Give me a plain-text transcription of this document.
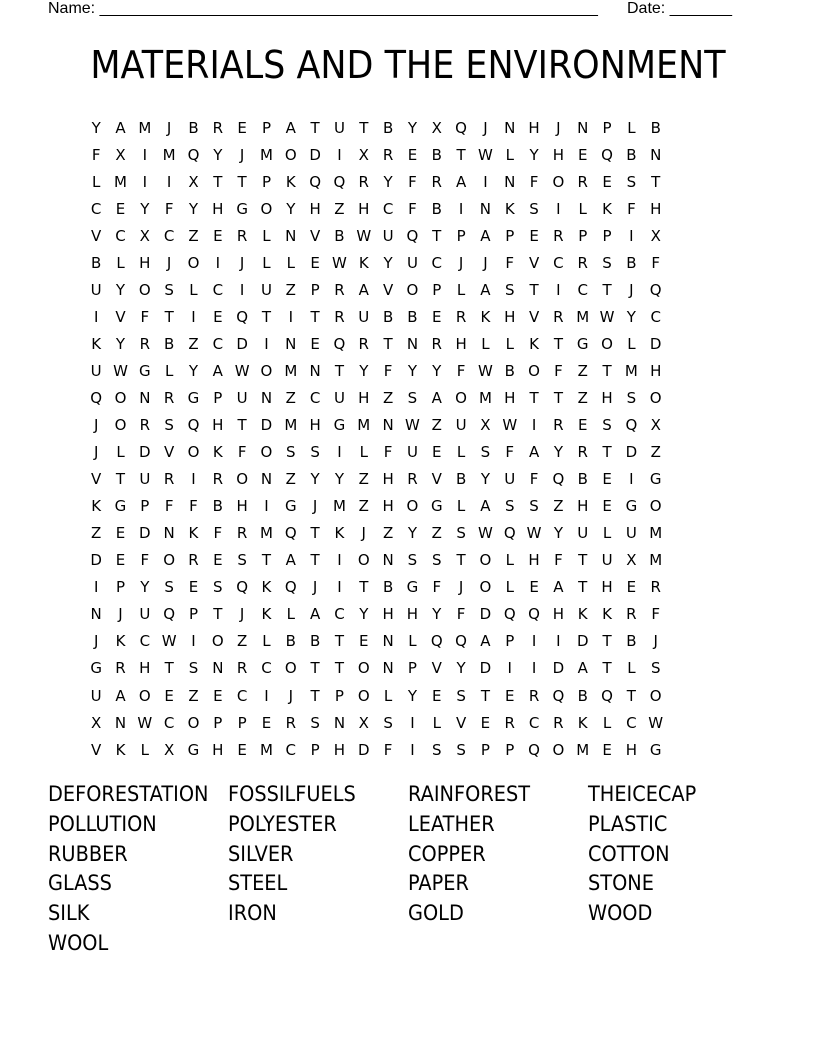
Name: ________________________________________________________ Date: _______
MATERIALS AND THE ENVIRONMENT
Y A M	J	B R E	P A T U T B Y X Q	J	N H	J	N P	L	B
F X	I	M Q Y	J	M O D	I	X R E B T W L	Y H E Q B N
L M	I	I	X T	T	P K Q Q R Y	F R A	I	N F O R E S T
C E	Y	F	Y H G O Y H Z H C F B	I	N K S	I	L	K	F H
V C X C Z E R L N V B W U Q T	P A P	E R P	P	I	X
B	L H	J	O	I	J	L	L	E W K Y U C	J	J	F V C R S B F
U Y O S	L C	I	U Z P R A V O P	L	A S T	I	C T	J	Q
I	V F	T	I	E Q T	I	T R U B B E R K H V R M W Y C
K Y R B Z C D	I	N E Q R T N R H L	L	K T G O L D
U W G L	Y A W O M N T	Y	F	Y	Y	F W B O F Z T M H
Q O N R G P U N Z C U H Z S A O M H T	T Z H S O
J	O R S Q H T D M H G M N W Z U X W I	R E S Q X
J	L D V O K	F O S S	I	L	F U E	L	S	F A Y R T D Z
V T U R	I	R O N Z Y	Y Z H R V B Y U F Q B E	I	G
K G P	F	F B H	I	G	J	M Z H O G L	A S S Z H E G O
Z E D N K	F R M Q T K	J	Z Y Z S W Q W Y U L U M
D E	F O R E S T A T	I	O N S S T O L H F	T U X M
I	P	Y S E S Q K Q	J	I	T B G F	J	O L	E A T H E R
N	J	U Q P	T	J	K	L	A C Y H H Y	F D Q Q H K K R F
J	K C W I	O Z	L	B B T	E N L Q Q A P	I	I	D T B	J
G R H T S N R C O T	T O N P V Y D	I	I	D A T	L	S
U A O E Z E C	I	J	T	P O L	Y	E S T	E R Q B Q T O
X N W C O P	P	E R S N X S	I	L	V E R C R K	L C W
V K	L	X G H E M C P H D F	I	S S	P	P Q O M E H G
DEFORESTATION FOSSILFUELS	RAINFOREST	THEICECAP
POLLUTION	POLYESTER	LEATHER	PLASTIC
RUBBER	SILVER	COPPER	COTTON
GLASS	STEEL	PAPER	STONE
SILK	IRON	GOLD	WOOD
WOOL
